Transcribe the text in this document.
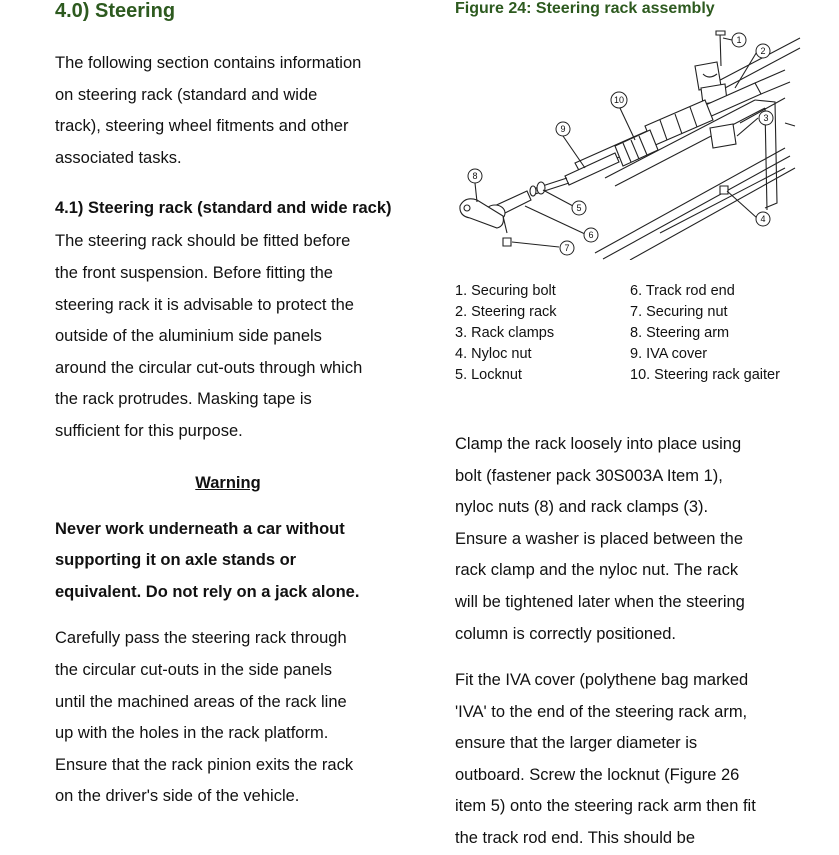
4.0) Steering

The following section contains information

on steering rack (standard and wide

track), steering wheel fitments and other

associated tasks.

4.1) Steering rack (standard and wide rack)

The steering rack should be fitted before

the front suspension. Before fitting the

steering rack it is advisable to protect the

outside of the aluminium side panels

around the circular cut-outs through which

the rack protrudes. Masking tape is

sufficient for this purpose.

Warning

Never work underneath a car without

supporting it on axle stands or

equivalent. Do not rely on a jack alone.

Carefully pass the steering rack through

the circular cut-outs in the side panels

until the machined areas of the rack line

up with the holes in the rack platform.

Ensure that the rack pinion exits the rack

on the driver's side of the vehicle.

Figure 24: Steering rack assembly

1
2
3
4
5
6
7
8
9
10
1. Securing bolt
2. Steering rack
3. Rack clamps
4. Nyloc nut
5. Locknut
6. Track rod end
7. Securing nut
8. Steering arm
9. IVA cover
10. Steering rack gaiter

Clamp the rack loosely into place using

bolt (fastener pack 30S003A Item 1),

nyloc nuts (8) and rack clamps (3).

Ensure a washer is placed between the

rack clamp and the nyloc nut. The rack

will be tightened later when the steering

column is correctly positioned.

Fit the IVA cover (polythene bag marked

'IVA' to the end of the steering rack arm,

ensure that the larger diameter is

outboard. Screw the locknut (Figure 26

item 5) onto the steering rack arm then fit

the track rod end. This should be
